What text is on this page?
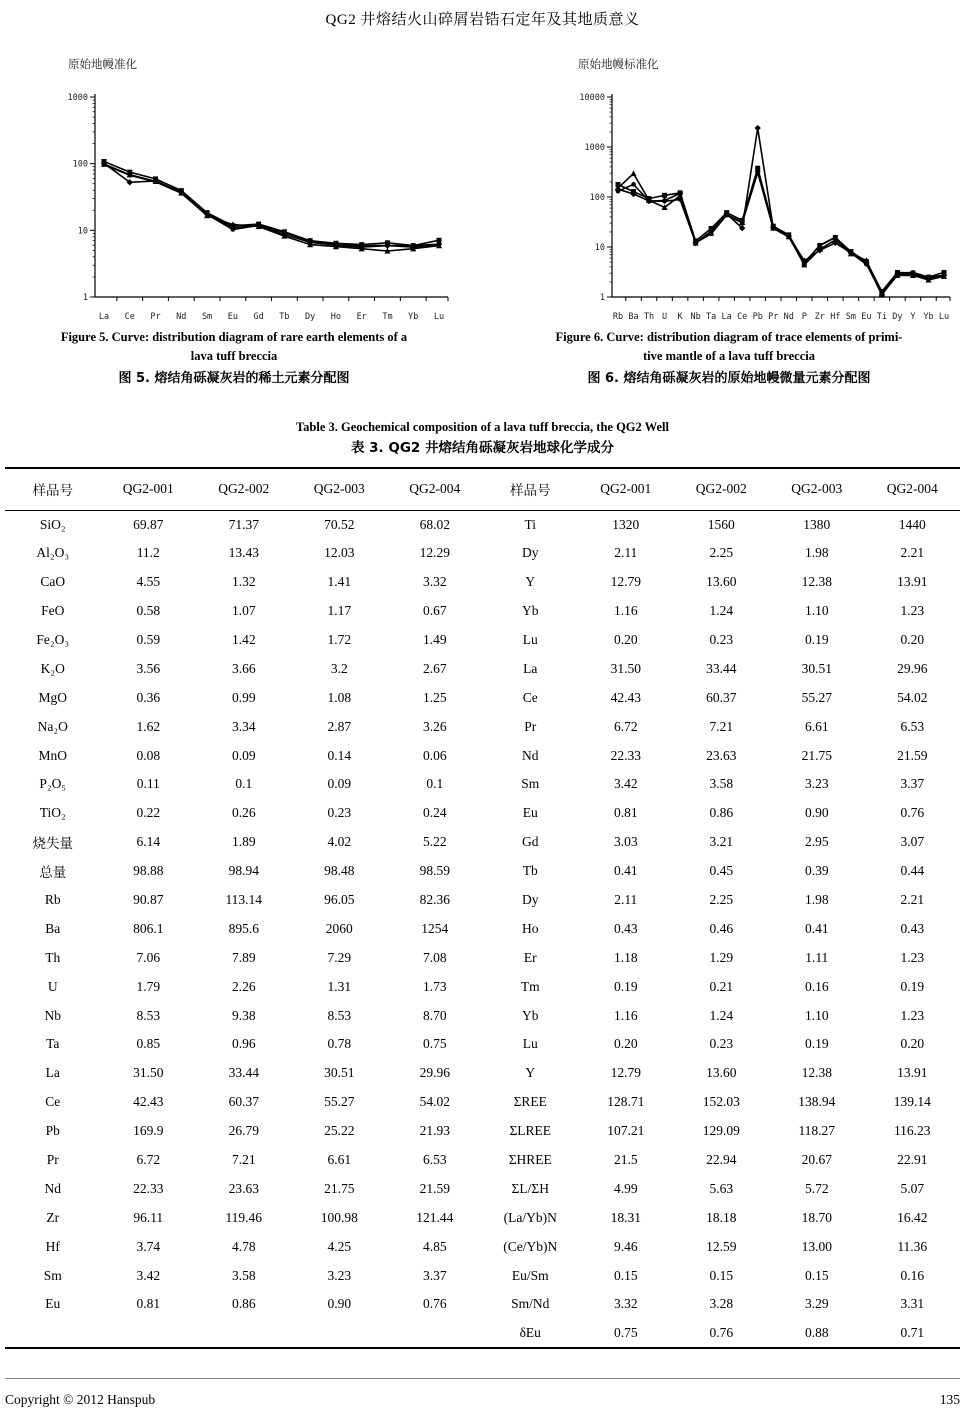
QG2 井熔结火山碎屑岩锆石定年及其地质意义
原始地幔准化
1
10
100
1000
La Ce Pr Nd Sm Eu Gd Tb Dy Ho Er Tm Yb Lu
原始地幔标准化
1
10
100
1000
10000
Rb Ba Th U K Nb Ta La Ce Pb Pr Nd P Zr Hf Sm Eu Ti Dy Y Yb Lu
Figure 5. Curve: distribution diagram of rare earth elements of a
lava tuff breccia
图 5. 熔结角砾凝灰岩的稀土元素分配图
Figure 6. Curve: distribution diagram of trace elements of primi-
tive mantle of a lava tuff breccia
图 6. 熔结角砾凝灰岩的原始地幔微量元素分配图
Table 3. Geochemical composition of a lava tuff breccia, the QG2 Well
表 3. QG2 井熔结角砾凝灰岩地球化学成分
样品号	QG2-001	QG2-002	QG2-003	QG2-004	样品号	QG2-001	QG2-002	QG2-003	QG2-004
SiO₂	69.87	71.37	70.52	68.02	Ti	1320	1560	1380	1440
Al₂O₃	11.2	13.43	12.03	12.29	Dy	2.11	2.25	1.98	2.21
CaO	4.55	1.32	1.41	3.32	Y	12.79	13.60	12.38	13.91
FeO	0.58	1.07	1.17	0.67	Yb	1.16	1.24	1.10	1.23
Fe₂O₃	0.59	1.42	1.72	1.49	Lu	0.20	0.23	0.19	0.20
K₂O	3.56	3.66	3.2	2.67	La	31.50	33.44	30.51	29.96
MgO	0.36	0.99	1.08	1.25	Ce	42.43	60.37	55.27	54.02
Na₂O	1.62	3.34	2.87	3.26	Pr	6.72	7.21	6.61	6.53
MnO	0.08	0.09	0.14	0.06	Nd	22.33	23.63	21.75	21.59
P₂O₅	0.11	0.1	0.09	0.1	Sm	3.42	3.58	3.23	3.37
TiO₂	0.22	0.26	0.23	0.24	Eu	0.81	0.86	0.90	0.76
烧失量	6.14	1.89	4.02	5.22	Gd	3.03	3.21	2.95	3.07
总量	98.88	98.94	98.48	98.59	Tb	0.41	0.45	0.39	0.44
Rb	90.87	113.14	96.05	82.36	Dy	2.11	2.25	1.98	2.21
Ba	806.1	895.6	2060	1254	Ho	0.43	0.46	0.41	0.43
Th	7.06	7.89	7.29	7.08	Er	1.18	1.29	1.11	1.23
U	1.79	2.26	1.31	1.73	Tm	0.19	0.21	0.16	0.19
Nb	8.53	9.38	8.53	8.70	Yb	1.16	1.24	1.10	1.23
Ta	0.85	0.96	0.78	0.75	Lu	0.20	0.23	0.19	0.20
La	31.50	33.44	30.51	29.96	Y	12.79	13.60	12.38	13.91
Ce	42.43	60.37	55.27	54.02	ΣREE	128.71	152.03	138.94	139.14
Pb	169.9	26.79	25.22	21.93	ΣLREE	107.21	129.09	118.27	116.23
Pr	6.72	7.21	6.61	6.53	ΣHREE	21.5	22.94	20.67	22.91
Nd	22.33	23.63	21.75	21.59	ΣL/ΣH	4.99	5.63	5.72	5.07
Zr	96.11	119.46	100.98	121.44	(La/Yb)N	18.31	18.18	18.70	16.42
Hf	3.74	4.78	4.25	4.85	(Ce/Yb)N	9.46	12.59	13.00	11.36
Sm	3.42	3.58	3.23	3.37	Eu/Sm	0.15	0.15	0.15	0.16
Eu	0.81	0.86	0.90	0.76	Sm/Nd	3.32	3.28	3.29	3.31
					δEu	0.75	0.76	0.88	0.71
Copyright © 2012 Hanspub	135
